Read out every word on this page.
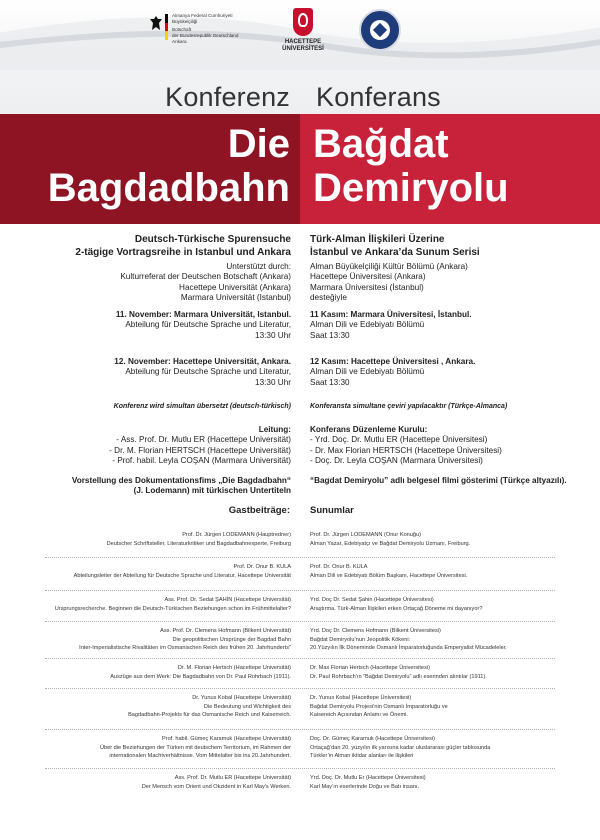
Almanya Federal Cumhuriyeti
Büyükelçiliği
Botschaft
der Bundesrepublik Deutschland
Ankara	HACETTEPE
ÜNİVERSİTESİ
Konferenz Konferans
Die
Bagdadbahn
Bağdat
Demiryolu
Deutsch-Türkische Spurensuche
2-tägige Vortragsreihe in Istanbul und Ankara
Unterstützt durch:
Kulturreferat der Deutschen Botschaft (Ankara)
Hacettepe Universität (Ankara)
Marmara Universität (Istanbul)
11. November: Marmara Universität, Istanbul.
Abteilung für Deutsche Sprache und Literatur,
13:30 Uhr
12. November: Hacettepe Universität, Ankara.
Abteilung für Deutsche Sprache und Literatur,
13:30 Uhr
Konferenz wird simultan übersetzt (deutsch-türkisch)
Leitung:
- Ass. Prof. Dr. Mutlu ER (Hacettepe Universität)
- Dr. M. Florian HERTSCH (Hacettepe Universität)
- Prof. habil. Leyla COŞAN (Marmara Universität)
Vorstellung des Dokumentationsfims „Die Bagdadbahn“
(J. Lodemann) mit türkischen Untertiteln
Gastbeiträge:
Türk-Alman İlişkileri Üzerine
İstanbul ve Ankara’da Sunum Serisi
Alman Büyükelçiliği Kültür Bölümü (Ankara)
Hacettepe Üniversitesi (Ankara)
Marmara Üniversitesi (İstanbul)
desteğiyle
11 Kasım: Marmara Üniversitesi, İstanbul.
Alman Dili ve Edebiyatı Bölümü
Saat 13:30
12 Kasım: Hacettepe Üniversitesi , Ankara.
Alman Dili ve Edebiyatı Bölümü
Saat 13:30
Konferansta simultane çeviri yapılacaktır (Türkçe-Almanca)
Konferans Düzenleme Kurulu:
- Yrd. Doç. Dr. Mutlu ER (Hacettepe Üniversitesi)
- Dr. Max Florian HERTSCH (Hacettepe Üniversitesi)
- Doç. Dr. Leyla COŞAN (Marmara Üniversitesi)
“Bagdat Demiryolu” adlı belgesel filmi gösterimi (Türkçe altyazılı).
Sunumlar
Prof. Dr. Jürgen LODEMANN (Hauptredner)
Deutscher Schriftsteller, Literaturkritiker und Bagdadbahnexperte, Freiburg
Prof. Dr. Onur B. KULA
Abteilungsleiter der Abteilung für Deutsche Sprache und Literatur, Hacettepe Universität
Ass. Prof. Dr. Sedat ŞAHİN (Hacettepe Universität)
Ursprungsrecherche. Beginnen die Deutsch-Türkischen Beziehungen schon im Frühmittelalter?
Ass. Prof. Dr. Clemens Hofmann (Bilkent Universität)
Die geopolitischen Ursprünge der Bagdad Bahn
Inter-Imperialistische Rivalitäten im Osmanischen Reich des frühen 20. Jahrhunderts"
Dr. M. Florian Hertsch (Hacettepe Universität)
Auszüge aus dem Werk: Die Bagdadbahn von Dr. Paul Rohrbach (1911).
Dr. Yunus Kobal (Hacettepe Universität)
Die Bedeutung und Wichtigkeit des
Bagdadbahn-Projekts für das Osmanische Reich und Kaiserreich.
Prof. habil. Gümeç Karamuk (Hacettepe Universität)
Über die Beziehungen der Türken mit deutschem Territorium, im Rahmen der
internationalen Machtverhältnisse. Vom Mittelalter bis ins 20.Jahrhundert.
Ass. Prof. Dr. Mutlu ER (Hacettepe Universität)
Der Mensch vom Orient und Okzident in Karl May's Werken.
Prof. Dr. Jürgen LODEMANN (Onur Konuğu)
Alman Yazar, Edebiyatçı ve Bağdat Demiryolu Uzmanı, Freiburg.
Prof. Dr. Onur B. KULA
Alman Dili ve Edebiyatı Bölüm Başkanı, Hacettepe Üniversitesi.
Yrd. Doç Dr. Sedat Şahin (Hacettepe Üniversitesi)
Araştırma. Türk-Alman İlişkileri erken Ortaçağ Döneme mi dayanıyor?
Yrd. Doç Dr. Clemens Hofmann (Bilkent Üniversitesi)
Bağdat Demiryolu’nun Jeopolitik Kökeni:
20.Yüzyılın İlk Döneminde Osmanlı İmparatorluğunda Emperyalist Mücadeleler.
Dr. Max Florian Hertsch (Hacettepe Üniversitesi)
Dr. Paul Rohrbach’ın “Bağdat Demiryolu” adlı eserinden alıntılar (1911).
Dr. Yunus Kobal (Hacettepe Üniversitesi)
Bağdat Demiryolu Projesi’nin Osmanlı İmparatorluğu ve
Kaisereich Açısından Anlamı ve Önemi.
Doç. Dr. Gümeç Karamuk (Hacettepe Üniversitesi)
Ortaçağ’dan 20. yüzyılın ilk yarısına kadar uluslararası güçler tablosunda
Türkler’in Alman iktidar alanları ile ilişkileri
Yrd. Doç. Dr. Mutlu Er (Hacettepe Üniversitesi)
Karl May’ın eserlerinde Doğu ve Batı insanı.
